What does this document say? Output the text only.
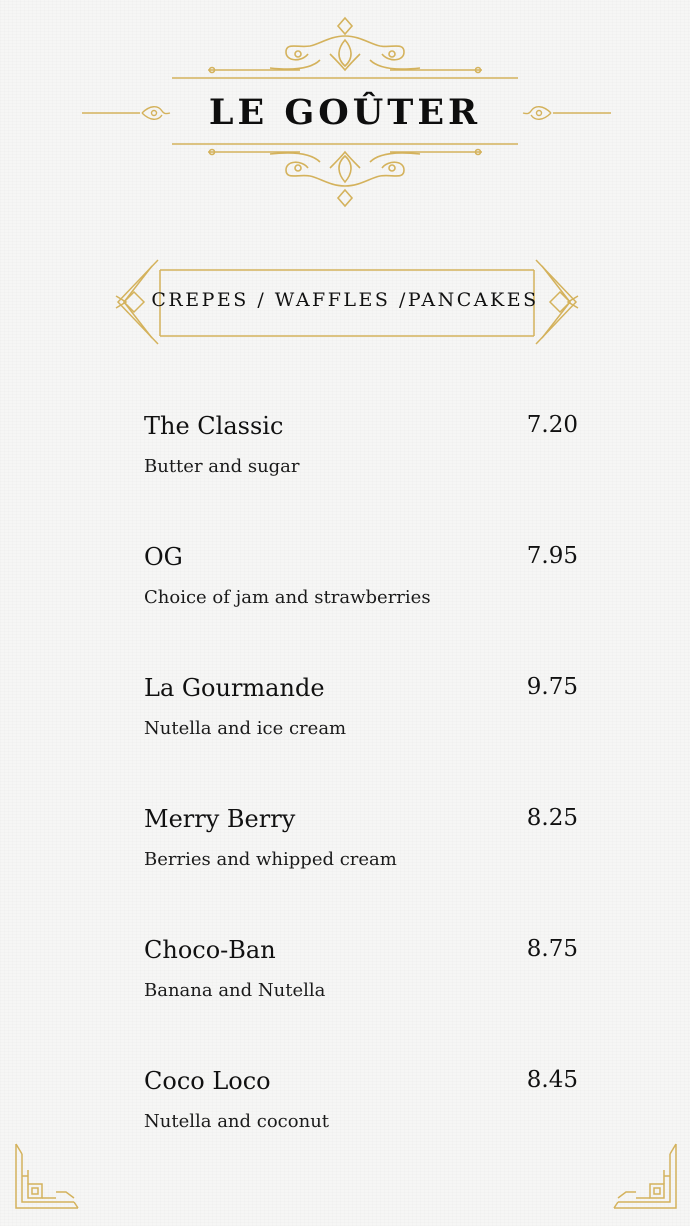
LE GOÛTER
CREPES / WAFFLES /PANCAKES
The Classic	7.20
Butter and sugar
OG	7.95
Choice of jam and strawberries
La Gourmande	9.75
Nutella and ice cream
Merry Berry	8.25
Berries and whipped cream
Choco-Ban	8.75
Banana and Nutella
Coco Loco	8.45
Nutella and coconut
